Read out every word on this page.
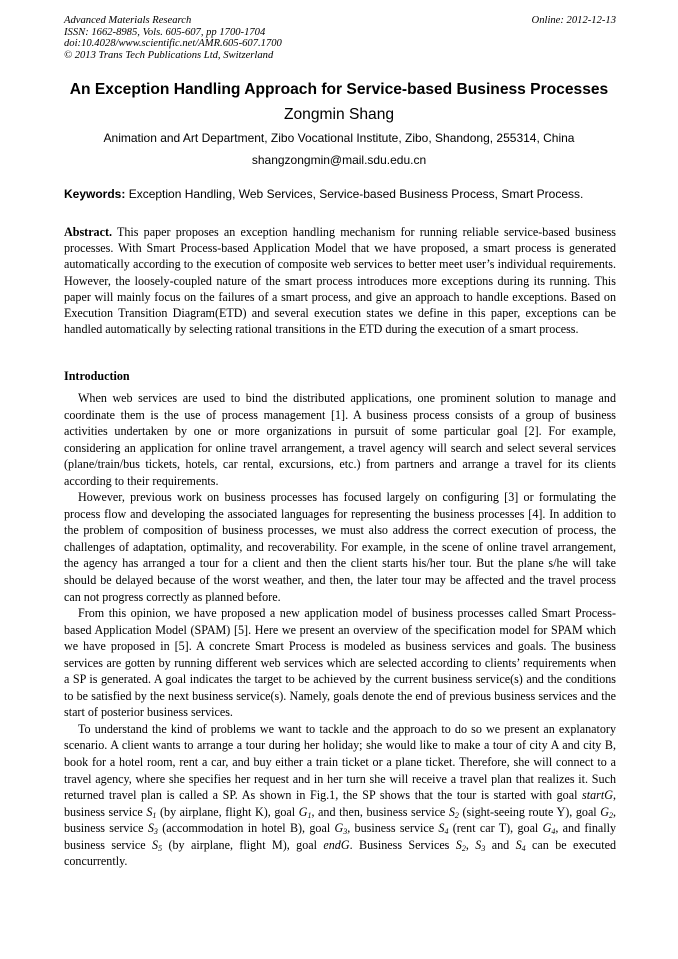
Advanced Materials Research
ISSN: 1662-8985, Vols. 605-607, pp 1700-1704
doi:10.4028/www.scientific.net/AMR.605-607.1700
© 2013 Trans Tech Publications Ltd, Switzerland
Online: 2012-12-13
An Exception Handling Approach for Service-based Business Processes
Zongmin Shang
Animation and Art Department, Zibo Vocational Institute, Zibo, Shandong, 255314, China
shangzongmin@mail.sdu.edu.cn
Keywords: Exception Handling, Web Services, Service-based Business Process, Smart Process.

Abstract. This paper proposes an exception handling mechanism for running reliable service-based business processes. With Smart Process-based Application Model that we have proposed, a smart process is generated automatically according to the execution of composite web services to better meet user’s individual requirements. However, the loosely-coupled nature of the smart process introduces more exceptions during its running. This paper will mainly focus on the failures of a smart process, and give an approach to handle exceptions. Based on Execution Transition Diagram(ETD) and several execution states we define in this paper, exceptions can be handled automatically by selecting rational transitions in the ETD during the execution of a smart process.

Introduction

When web services are used to bind the distributed applications, one prominent solution to manage and coordinate them is the use of process management [1]. A business process consists of a group of business activities undertaken by one or more organizations in pursuit of some particular goal [2]. For example, considering an application for online travel arrangement, a travel agency will search and select several services (plane/train/bus tickets, hotels, car rental, excursions, etc.) from partners and arrange a travel for its clients according to their requirements.

However, previous work on business processes has focused largely on configuring [3] or formulating the process flow and developing the associated languages for representing the business processes [4]. In addition to the problem of composition of business processes, we must also address the correct execution of process, the challenges of adaptation, optimality, and recoverability. For example, in the scene of online travel arrangement, the agency has arranged a tour for a client and then the client starts his/her tour. But the plane s/he will take should be delayed because of the worst weather, and then, the later tour may be affected and the travel process can not progress correctly as planned before.

From this opinion, we have proposed a new application model of business processes called Smart Process-based Application Model (SPAM) [5]. Here we present an overview of the specification model for SPAM which we have proposed in [5]. A concrete Smart Process is modeled as business services and goals. The business services are gotten by running different web services which are selected according to clients’ requirements when a SP is generated. A goal indicates the target to be achieved by the current business service(s) and the conditions to be satisfied by the next business service(s). Namely, goals denote the end of previous business services and the start of posterior business services.

To understand the kind of problems we want to tackle and the approach to do so we present an explanatory scenario. A client wants to arrange a tour during her holiday; she would like to make a tour of city A and city B, book for a hotel room, rent a car, and buy either a train ticket or a plane ticket. Therefore, she will connect to a travel agency, where she specifies her request and in her turn she will receive a travel plan that realizes it. Such returned travel plan is called a SP. As shown in Fig.1, the SP shows that the tour is started with goal startG, business service $S_1$ (by airplane, flight K), goal $G_1$, and then, business service $S_2$ (sight-seeing route Y), goal $G_2$, business service $S_3$ (accommodation in hotel B), goal $G_3$, business service $S_4$ (rent car T), goal $G_4$, and finally business service $S_5$ (by airplane, flight M), goal endG. Business Services $S_2$, $S_3$ and $S_4$ can be executed concurrently.
